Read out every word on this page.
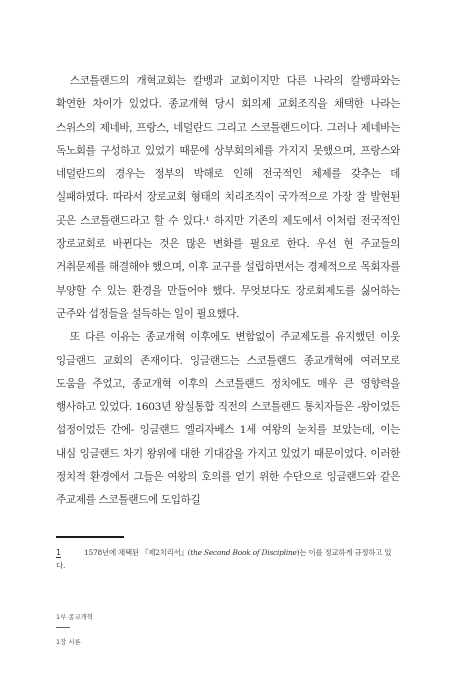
스코틀랜드의 개혁교회는 칼뱅과 교회이지만 다른 나라의 칼뱅파와는 확연한 차이가 있었다. 종교개혁 당시 회의제 교회조직을 채택한 나라는 스위스의 제네바, 프랑스, 네덜란드 그리고 스코틀랜드이다. 그러나 제네바는 독노회를 구성하고 있었기 때문에 상부회의체를 가지지 못했으며, 프랑스와 네덜란드의 경우는 정부의 박해로 인해 전국적인 체제를 갖추는 데 실패하였다. 따라서 장로교회 형태의 치리조직이 국가적으로 가장 잘 발현된 곳은 스코틀랜드라고 할 수 있다.¹ 하지만 기존의 제도에서 이처럼 전국적인 장로교회로 바뀐다는 것은 많은 변화를 필요로 한다. 우선 현 주교들의 거취문제를 해결해야 했으며, 이후 교구를 설립하면서는 경제적으로 목회자를 부양할 수 있는 환경을 만들어야 했다. 무엇보다도 장로회제도를 싫어하는 군주와 섭정들을 설득하는 일이 필요했다.

또 다른 이유는 종교개혁 이후에도 변함없이 주교제도를 유지했던 이웃 잉글랜드 교회의 존재이다. 잉글랜드는 스코틀랜드 종교개혁에 여러모로 도움을 주었고, 종교개혁 이후의 스코틀랜드 정치에도 매우 큰 영향력을 행사하고 있었다. 1603년 왕실통합 직전의 스코틀랜드 통치자들은 -왕이었든 섭정이었든 간에- 잉글랜드 엘리자베스 1세 여왕의 눈치를 보았는데, 이는 내심 잉글랜드 차기 왕위에 대한 기대감을 가지고 있었기 때문이었다. 이러한 정치적 환경에서 그들은 여왕의 호의를 얻기 위한 수단으로 잉글랜드와 같은 주교제를 스코틀랜드에 도입하길

1	1578년에 채택된 『제2치리서』(the Second Book of Discipline)는 이를 정교하게 규정하고 있다.
1부 종교개혁
1장 서론
